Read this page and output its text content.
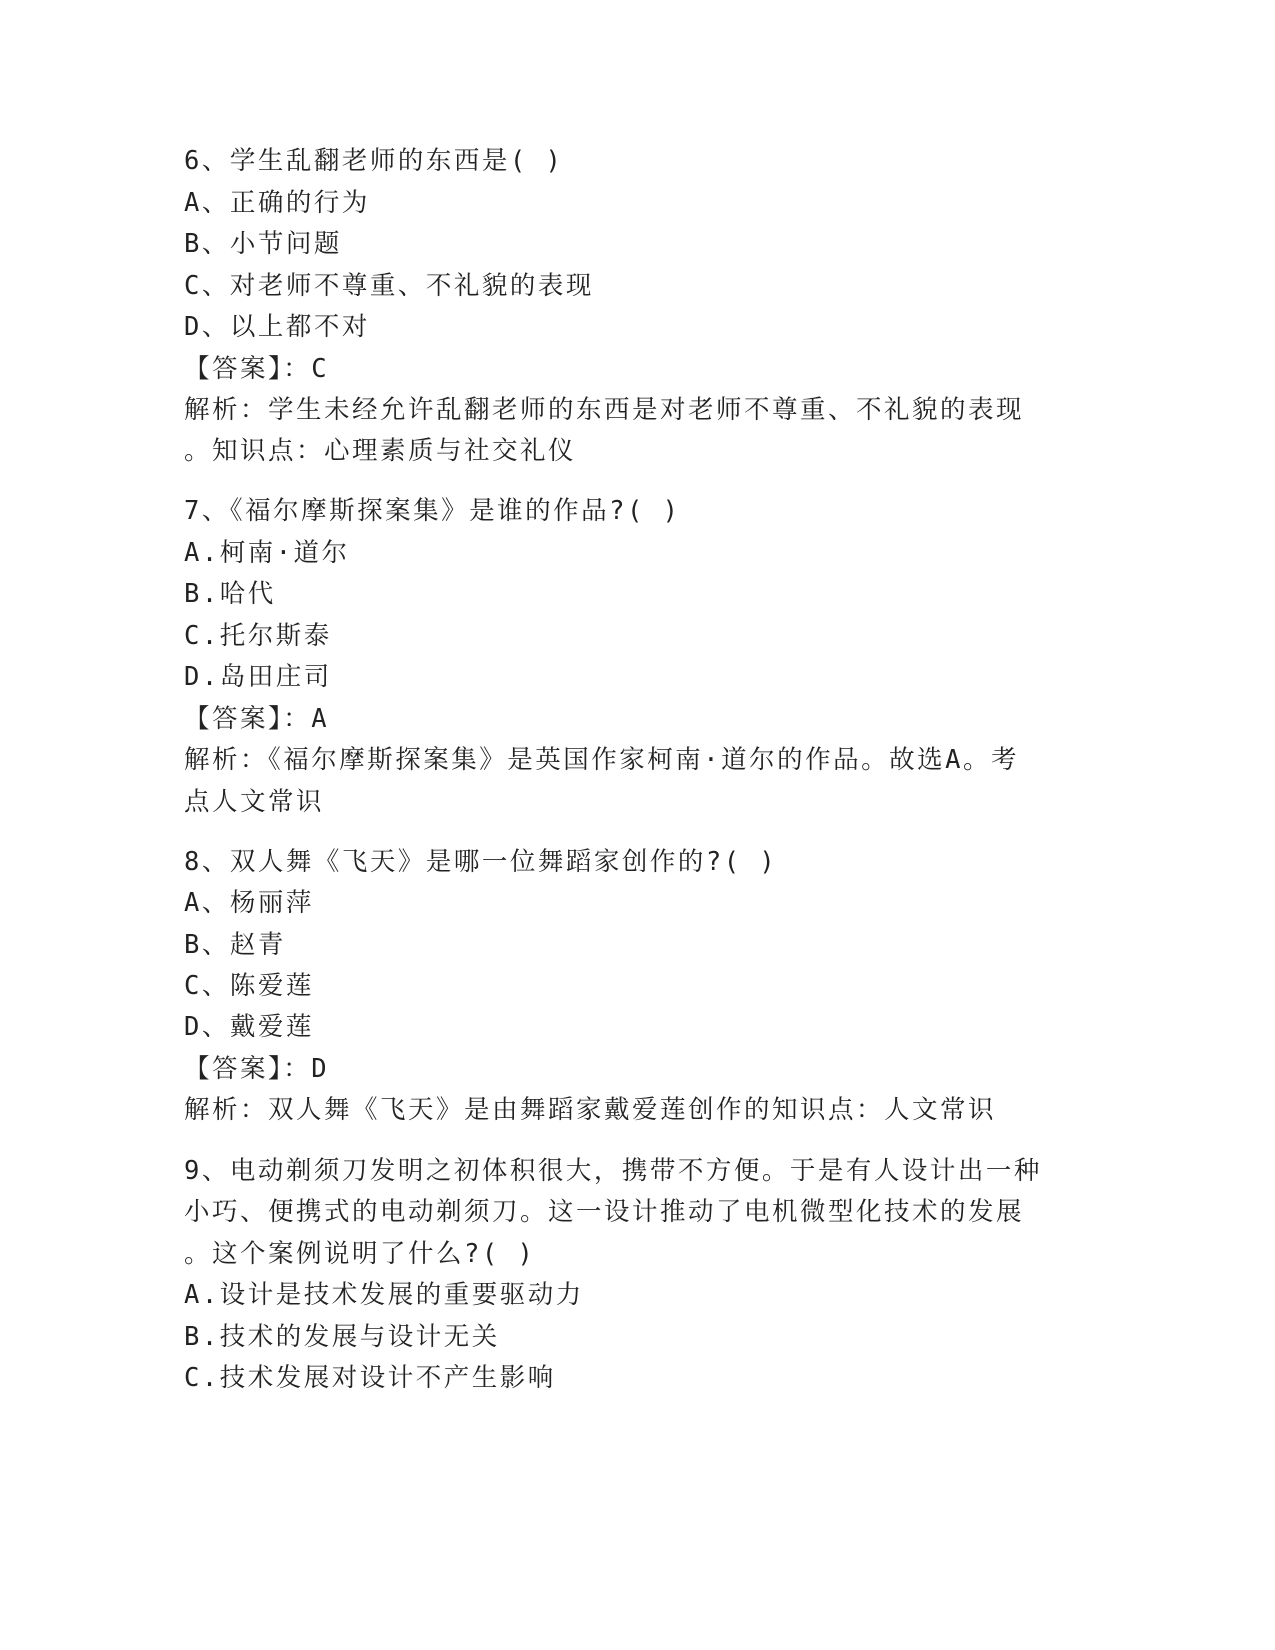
6、学生乱翻老师的东西是( )

A、正确的行为

B、小节问题

C、对老师不尊重、不礼貌的表现

D、以上都不对

【答案】：C

解析：学生未经允许乱翻老师的东西是对老师不尊重、不礼貌的表现

。知识点：心理素质与社交礼仪

7、《福尔摩斯探案集》是谁的作品?( )

A.柯南·道尔

B.哈代

C.托尔斯泰

D.岛田庄司

【答案】：A

解析：《福尔摩斯探案集》是英国作家柯南·道尔的作品。故选A。考

点人文常识

8、双人舞《飞天》是哪一位舞蹈家创作的?( )

A、杨丽萍

B、赵青

C、陈爱莲

D、戴爱莲

【答案】：D

解析：双人舞《飞天》是由舞蹈家戴爱莲创作的知识点：人文常识

9、电动剃须刀发明之初体积很大，携带不方便。于是有人设计出一种

小巧、便携式的电动剃须刀。这一设计推动了电机微型化技术的发展

。这个案例说明了什么?( )

A.设计是技术发展的重要驱动力

B.技术的发展与设计无关

C.技术发展对设计不产生影响
